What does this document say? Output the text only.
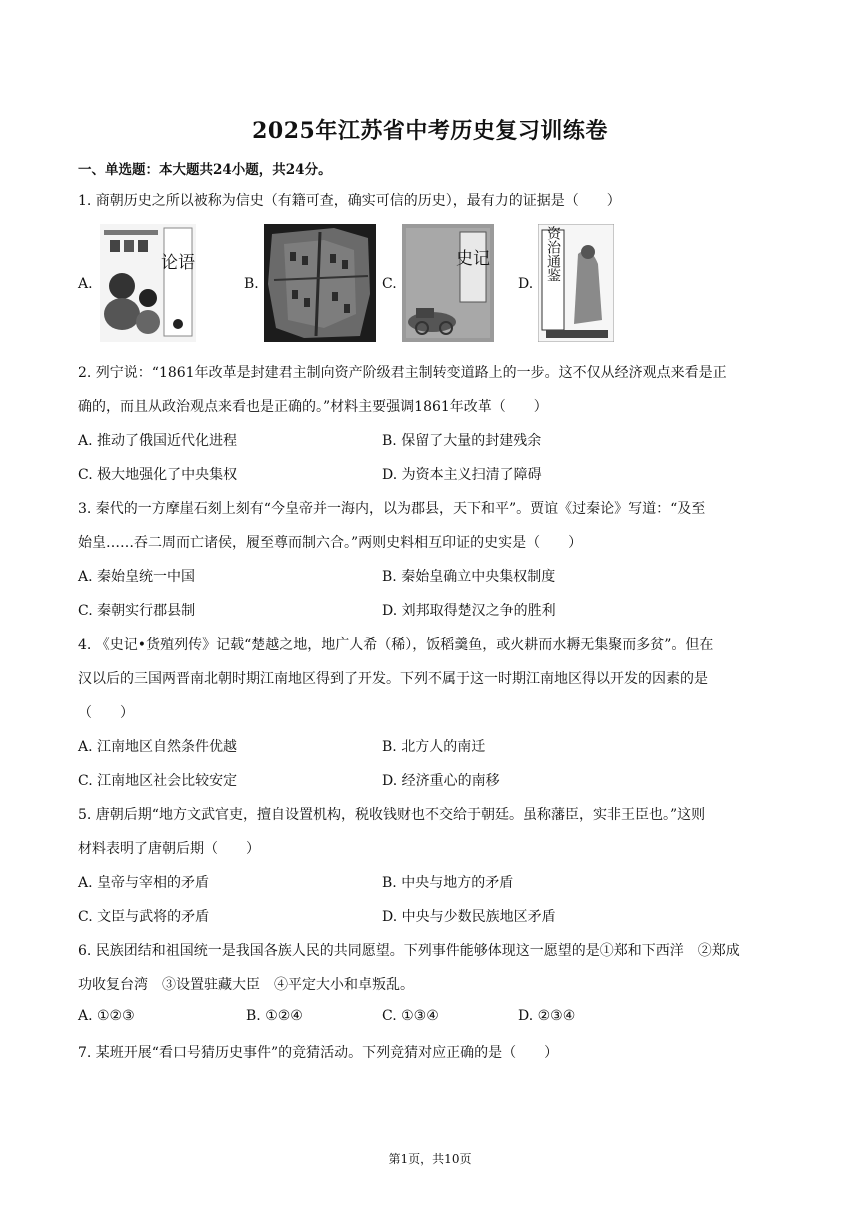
2025年江苏省中考历史复习训练卷
一、单选题：本大题共24小题，共24分。
1. 商朝历史之所以被称为信史（有籍可查，确实可信的历史），最有力的证据是（　　）
A.
论语
B.	C.
史记
D.
资治通鉴
2. 列宁说：“1861年改革是封建君主制向资产阶级君主制转变道路上的一步。这不仅从经济观点来看是正
确的，而且从政治观点来看也是正确的。”材料主要强调1861年改革（　　）
A. 推动了俄国近代化进程	B. 保留了大量的封建残余
C. 极大地强化了中央集权	D. 为资本主义扫清了障碍
3. 秦代的一方摩崖石刻上刻有“今皇帝并一海内，以为郡县，天下和平”。贾谊《过秦论》写道：“及至
始皇……吞二周而亡诸侯，履至尊而制六合。”两则史料相互印证的史实是（　　）
A. 秦始皇统一中国	B. 秦始皇确立中央集权制度
C. 秦朝实行郡县制	D. 刘邦取得楚汉之争的胜利
4. 《史记•货殖列传》记载“楚越之地，地广人希（稀），饭稻羹鱼，或火耕而水耨无集聚而多贫”。但在
汉以后的三国两晋南北朝时期江南地区得到了开发。下列不属于这一时期江南地区得以开发的因素的是
（　　）
A. 江南地区自然条件优越	B. 北方人的南迁
C. 江南地区社会比较安定	D. 经济重心的南移
5. 唐朝后期“地方文武官吏，擅自设置机构，税收钱财也不交给于朝廷。虽称藩臣，实非王臣也。”这则
材料表明了唐朝后期（　　）
A. 皇帝与宰相的矛盾	B. 中央与地方的矛盾
C. 文臣与武将的矛盾	D. 中央与少数民族地区矛盾
6. 民族团结和祖国统一是我国各族人民的共同愿望。下列事件能够体现这一愿望的是①郑和下西洋　②郑成
功收复台湾　③设置驻藏大臣　④平定大小和卓叛乱。
A. ①②③	B. ①②④	C. ①③④	D. ②③④
7. 某班开展“看口号猜历史事件”的竞猜活动。下列竞猜对应正确的是（　　）
第1页，共10页
